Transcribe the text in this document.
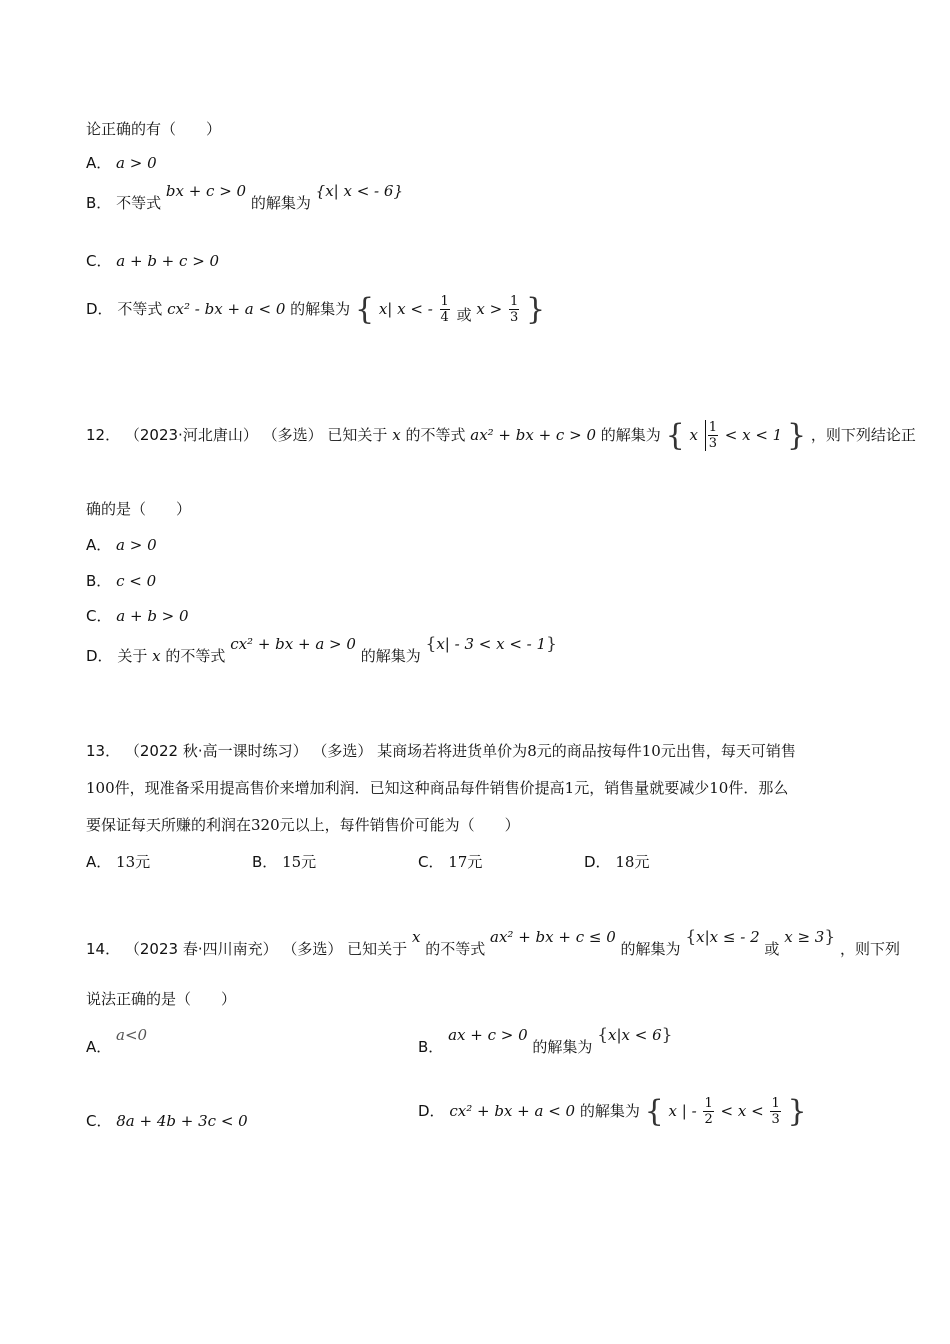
论正确的有（　　）
A． a > 0
B． 不等式 bx + c > 0 的解集为 {x| x < - 6}
C． a + b + c > 0
D． 不等式 cx² - bx + a < 0 的解集为 { x| x < - $\frac{1}{4}$ 或 $x > \frac{1}{3}$ }
12． （2023·河北唐山） （多选） 已知关于 x 的不等式 ax² + bx + c > 0 的解集为 { x $\frac{1}{3} < x < 1$ } ，则下列结论正
确的是（　　）
A． a > 0
B． c < 0
C． a + b > 0
D． 关于 x 的不等式 cx² + bx + a > 0 的解集为 {x| - 3 < x < - 1}
13． （2022 秋·高一课时练习） （多选） 某商场若将进货单价为8元的商品按每件10元出售，每天可销售
100件，现准备采用提高售价来增加利润．已知这种商品每件销售价提高1元，销售量就要减少10件．那么
要保证每天所赚的利润在320元以上，每件销售价可能为（　　）
A． 13元	B． 15元	C． 17元	D． 18元
14． （2023 春·四川南充） （多选） 已知关于 x 的不等式 ax² + bx + c ≤ 0 的解集为 {x|x ≤ - 2 或 x ≥ 3} ，则下列
说法正确的是（　　）
A． a<0
B． ax + c > 0 的解集为 {x|x < 6}
C． 8a + 4b + 3c < 0
D． cx² + bx + a < 0 的解集为 { x | - $\frac{1}{2} < x < \frac{1}{3}$ }
